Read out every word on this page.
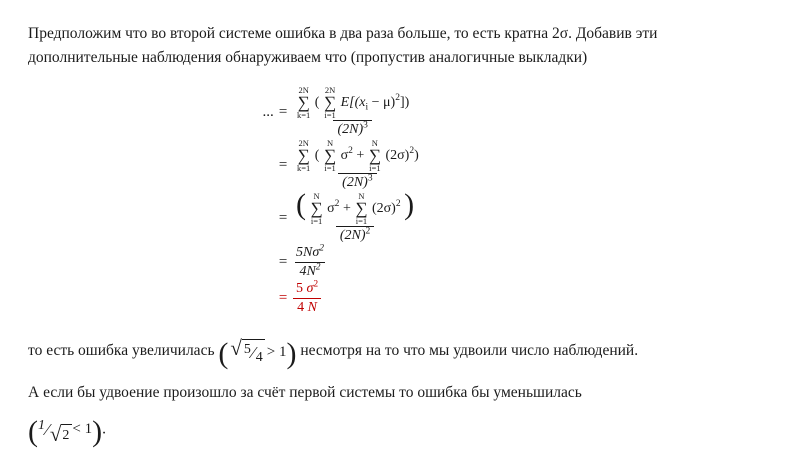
Предположим что во второй системе ошибка в два раза больше, то есть кратна 2σ. Добавив эти дополнительные наблюдения обнаруживаем что (пропустив аналогичные выкладки)

... =
2N
∑
k=1
(
2N
∑
i=1
$E[(x_i - \mu)^2]$)
$(2N)^3$
=
2N
∑
k=1
(
N
∑
i=1
$\sigma^2$ +
N
∑
i=1
$(2\sigma)^2$)
$(2N)^3$
= ( N
∑
i=1
$\sigma^2$ +
N
∑
i=1
$(2\sigma)^2$ )
$(2N)^2$
= $\frac{5N\sigma^2}{4N^2}$
= $\frac{5 \sigma^2}{4 N}$

то есть ошибка увеличилась ( √ 5 ⁄ 4 > 1 ) несмотря на то что мы удвоили число наблюдений.

А если бы удвоение произошло за счёт первой системы то ошибка бы уменьшилась

( 1 ⁄ √ 2 < 1 ) .
